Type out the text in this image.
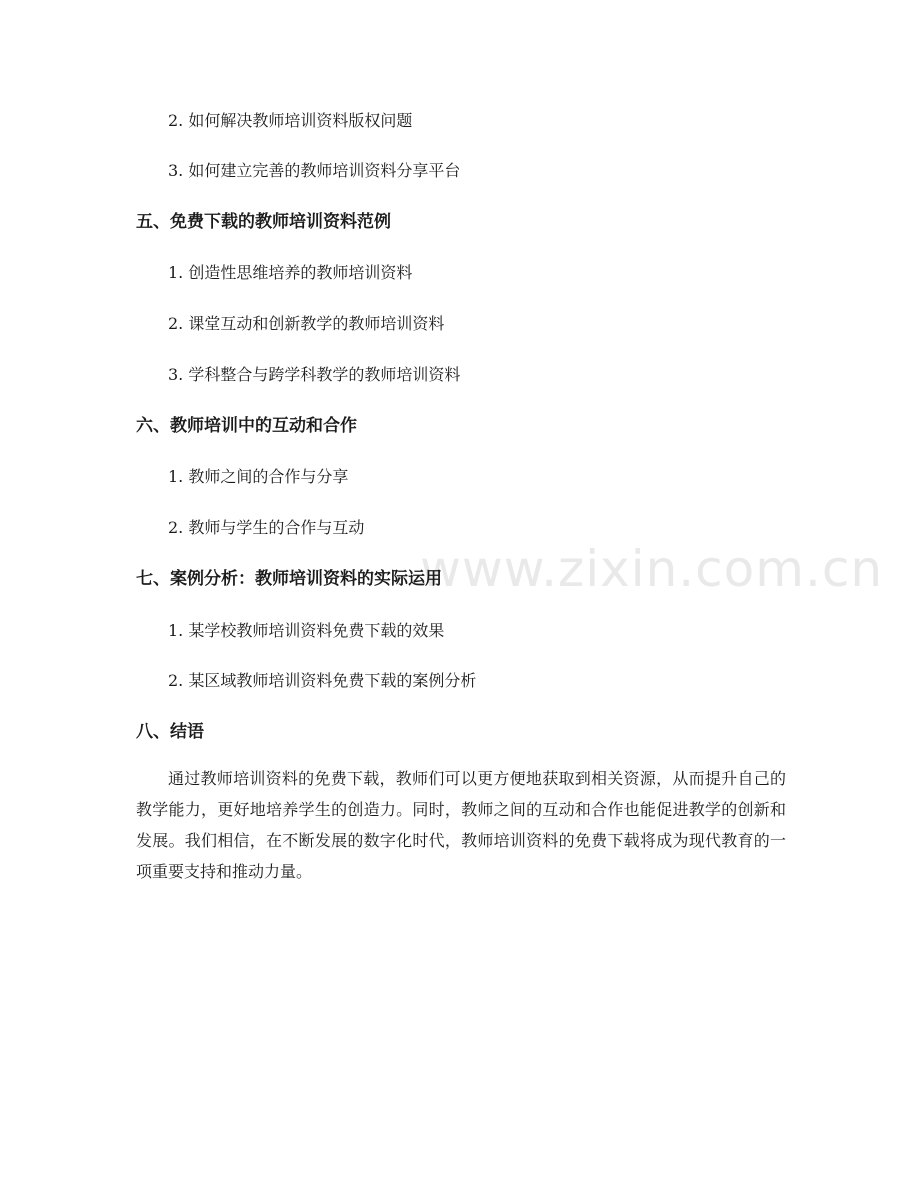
www.zixin.com.cn
2. 如何解决教师培训资料版权问题
3. 如何建立完善的教师培训资料分享平台
五、免费下载的教师培训资料范例
1. 创造性思维培养的教师培训资料
2. 课堂互动和创新教学的教师培训资料
3. 学科整合与跨学科教学的教师培训资料
六、教师培训中的互动和合作
1. 教师之间的合作与分享
2. 教师与学生的合作与互动
七、案例分析：教师培训资料的实际运用
1. 某学校教师培训资料免费下载的效果
2. 某区域教师培训资料免费下载的案例分析
八、结语

通过教师培训资料的免费下载，教师们可以更方便地获取到相关资源，从而提升自己的教学能力，更好地培养学生的创造力。同时，教师之间的互动和合作也能促进教学的创新和发展。我们相信，在不断发展的数字化时代，教师培训资料的免费下载将成为现代教育的一项重要支持和推动力量。
